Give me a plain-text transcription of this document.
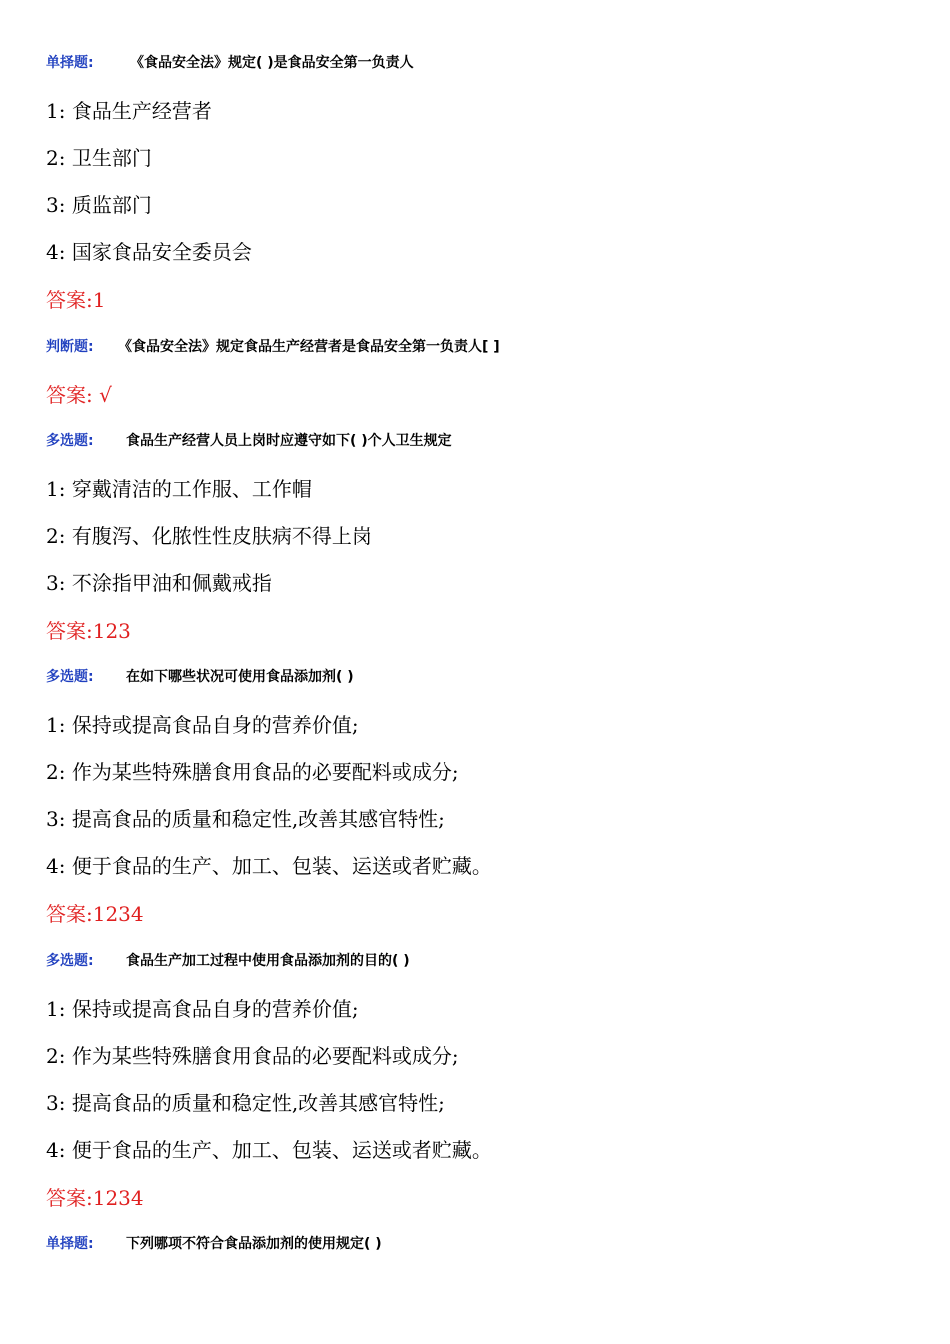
单择题:	《食品安全法》规定( )是食品安全第一负责人
1: 食品生产经营者
2: 卫生部门
3: 质监部门
4: 国家食品安全委员会
答案:1
判断题: 《食品安全法》规定食品生产经营者是食品安全第一负责人[ ]
答案: √
多选题: 食品生产经营人员上岗时应遵守如下( )个人卫生规定
1: 穿戴清洁的工作服、工作帽
2: 有腹泻、化脓性性皮肤病不得上岗
3: 不涂指甲油和佩戴戒指
答案:123
多选题: 在如下哪些状况可使用食品添加剂( )
1: 保持或提高食品自身的营养价值;
2: 作为某些特殊膳食用食品的必要配料或成分;
3: 提高食品的质量和稳定性,改善其感官特性;
4: 便于食品的生产、加工、包装、运送或者贮藏。
答案:1234
多选题: 食品生产加工过程中使用食品添加剂的目的( )
1: 保持或提高食品自身的营养价值;
2: 作为某些特殊膳食用食品的必要配料或成分;
3: 提高食品的质量和稳定性,改善其感官特性;
4: 便于食品的生产、加工、包装、运送或者贮藏。
答案:1234
单择题: 下列哪项不符合食品添加剂的使用规定( )
